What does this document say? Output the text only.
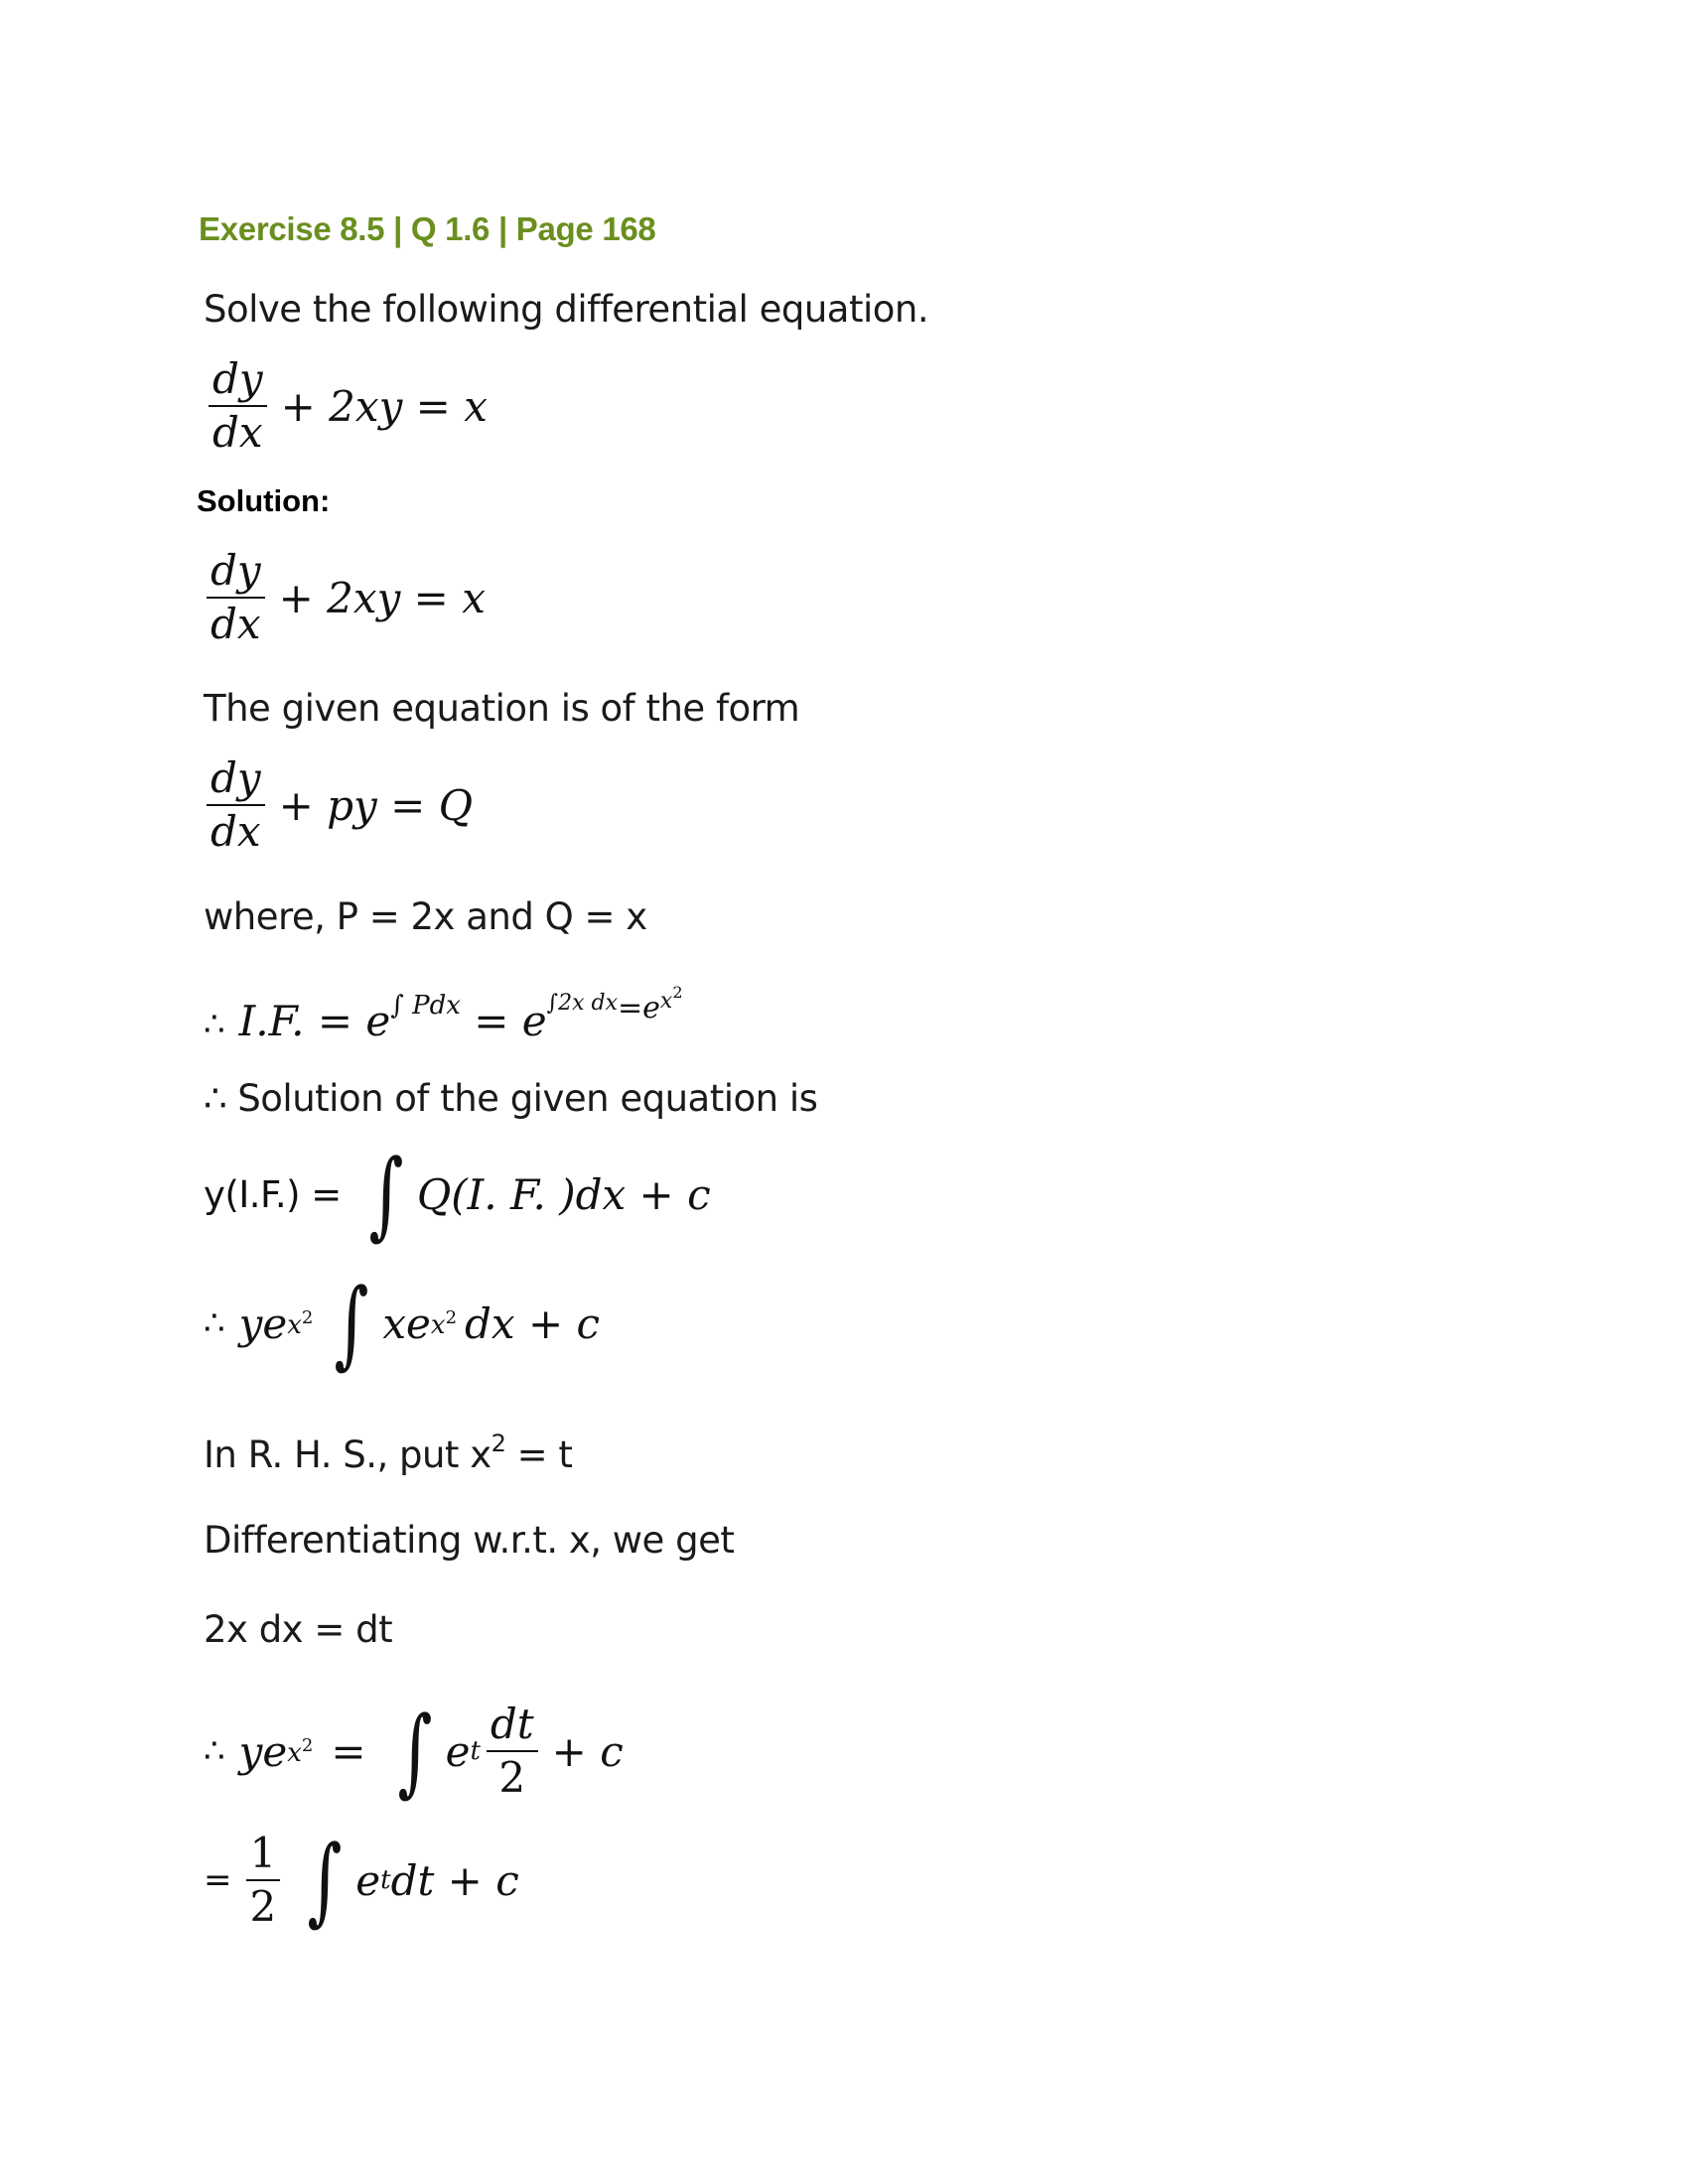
Exercise 8.5 | Q 1.6 | Page 168
Solve the following differential equation.
$\frac{dy}{dx} + 2xy = x$
Solution:
$\frac{dy}{dx} + 2xy = x$
The given equation is of the form
$\frac{dy}{dx}$ + py = Q
where, P = 2x and Q = x
∴ I.F. = $e^{\int Pdx} = e^{\int 2x dx=ex^2}$
∴ Solution of the given equation is
y(I.F.) = ∫ Q(I. F. )dx + c
∴ ye $x^2$ ∫ xe $x^2$ dx + c
In R. H. S., put $x^2 = t$
Differentiating w.r.t. x, we get
2x dx = dt
∴ ye $x^2$ = ∫ e t $\frac{dt}{2} + c$
= $\frac{1}{2}$ ∫ e t dt + c
